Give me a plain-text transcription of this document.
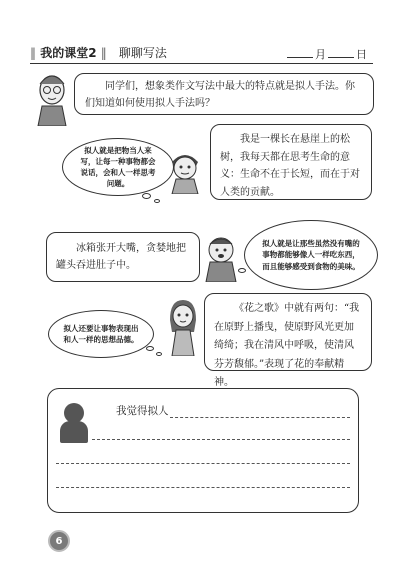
‖ 我的课堂2 ‖ 聊聊写法	月	日
同学们，想象类作文写法中最大的特点就是拟人手法。你们知道如何使用拟人手法吗？
拟人就是把物当人来写，让每一种事物都会说话，会和人一样思考问题。
我是一棵长在悬崖上的松树，我每天都在思考生命的意义：生命不在于长短，而在于对人类的贡献。
冰箱张开大嘴，贪婪地把罐头吞进肚子中。
拟人就是让那些虽然没有嘴的事物都能够像人一样吃东西，而且能够感受到食物的美味。
拟人还要让事物表现出和人一样的思想品德。
《花之歌》中就有两句：“我在原野上播曳，使原野风光更加绮绮；我在清风中呼吸，使清风芬芳馥郁。”表现了花的奉献精神。
我觉得拟人
6
